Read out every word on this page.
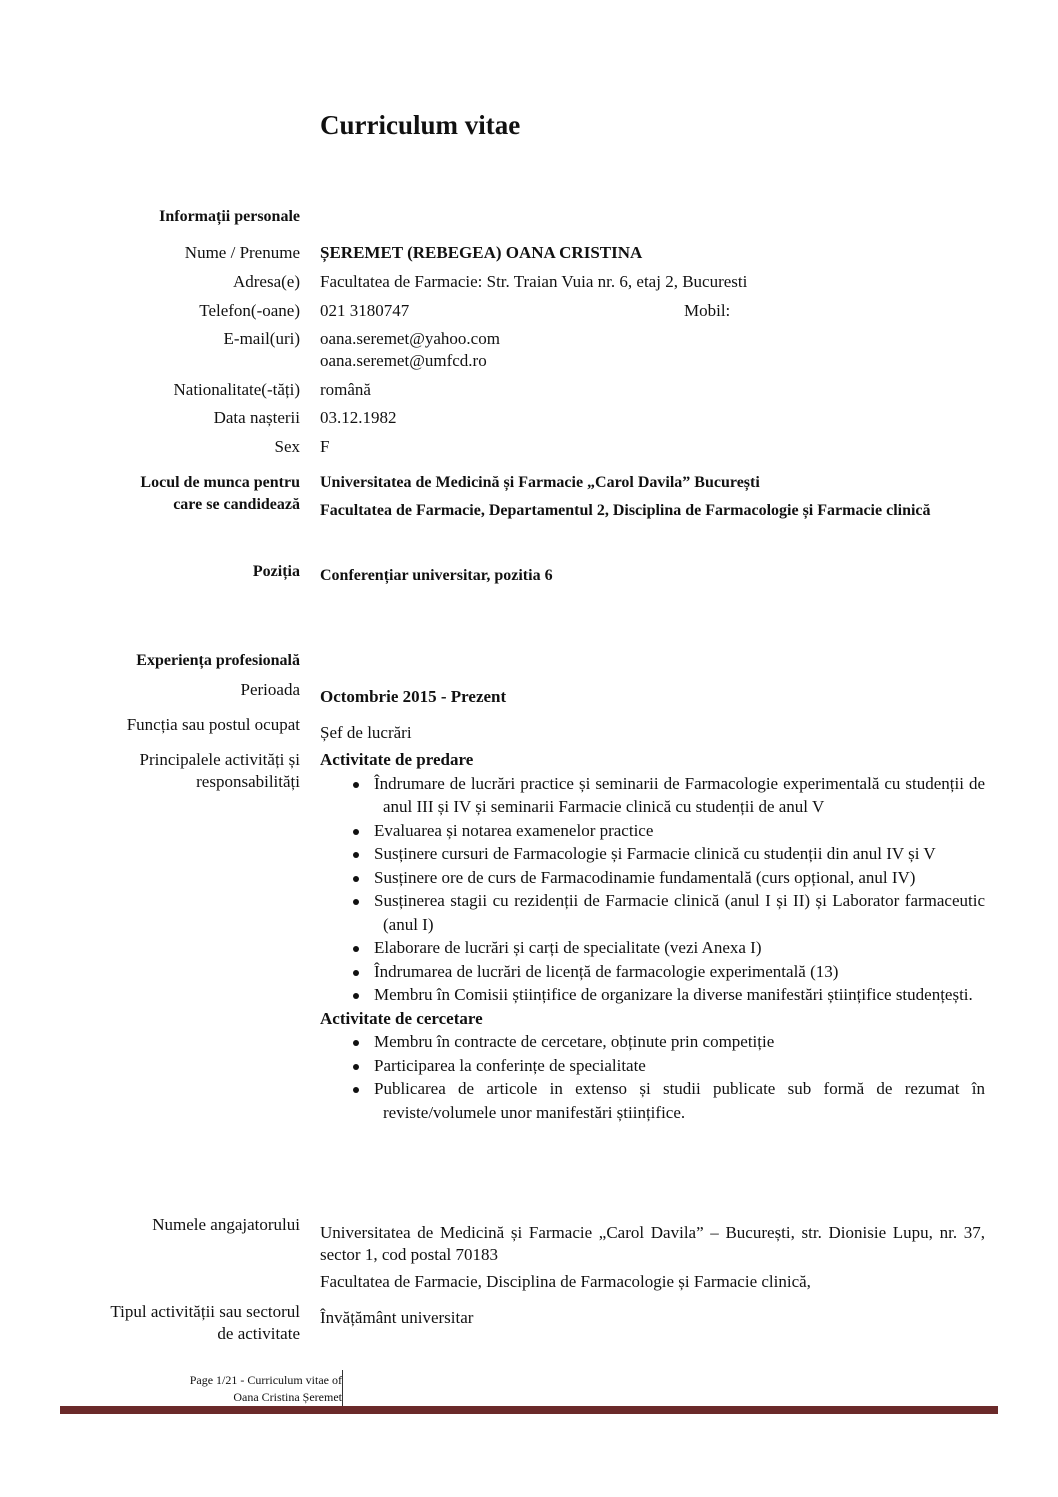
Curriculum vitae
Informații personale
Nume / Prenume ȘEREMET (REBEGEA) OANA CRISTINA
Adresa(e) Facultatea de Farmacie: Str. Traian Vuia nr. 6, etaj 2, Bucuresti
Telefon(-oane) 021 3180747	Mobil:
E-mail(uri) oana.seremet@yahoo.com
oana.seremet@umfcd.ro
Nationalitate(-tăți) română
Data nașterii 03.12.1982
Sex F
Locul de munca pentru
care se candidează
Universitatea de Medicină și Farmacie „Carol Davila” București
Facultatea de Farmacie, Departamentul 2, Disciplina de Farmacologie și Farmacie clinică
Poziția Conferențiar universitar, pozitia 6
Experiența profesională
Perioada Octombrie 2015 - Prezent
Funcția sau postul ocupat Șef de lucrări
Principalele activități și
responsabilități
Activitate de predare
Îndrumare de lucrări practice și seminarii de Farmacologie experimentală cu studenții de anul III și IV și seminarii Farmacie clinică cu studenții de anul V
Evaluarea și notarea examenelor practice
Susținere cursuri de Farmacologie și Farmacie clinică cu studenții din anul IV și V
Susținere ore de curs de Farmacodinamie fundamentală (curs opțional, anul IV)
Susținerea stagii cu rezidenții de Farmacie clinică (anul I și II) și Laborator farmaceutic (anul I)
Elaborare de lucrări și carți de specialitate (vezi Anexa I)
Îndrumarea de lucrări de licență de farmacologie experimentală (13)
Membru în Comisii științifice de organizare la diverse manifestări științifice studențești.
Activitate de cercetare
Membru în contracte de cercetare, obținute prin competiție
Participarea la conferințe de specialitate
Publicarea de articole in extenso și studii publicate sub formă de rezumat în reviste/volumele unor manifestări științifice.
Numele angajatorului Universitatea de Medicină și Farmacie „Carol Davila” – București, str. Dionisie Lupu, nr. 37, sector 1, cod postal 70183
Facultatea de Farmacie, Disciplina de Farmacologie și Farmacie clinică,
Tipul activității sau sectorul
de activitate
Învățământ universitar
Page 1/21 - Curriculum vitae of
Oana Cristina Șeremet
